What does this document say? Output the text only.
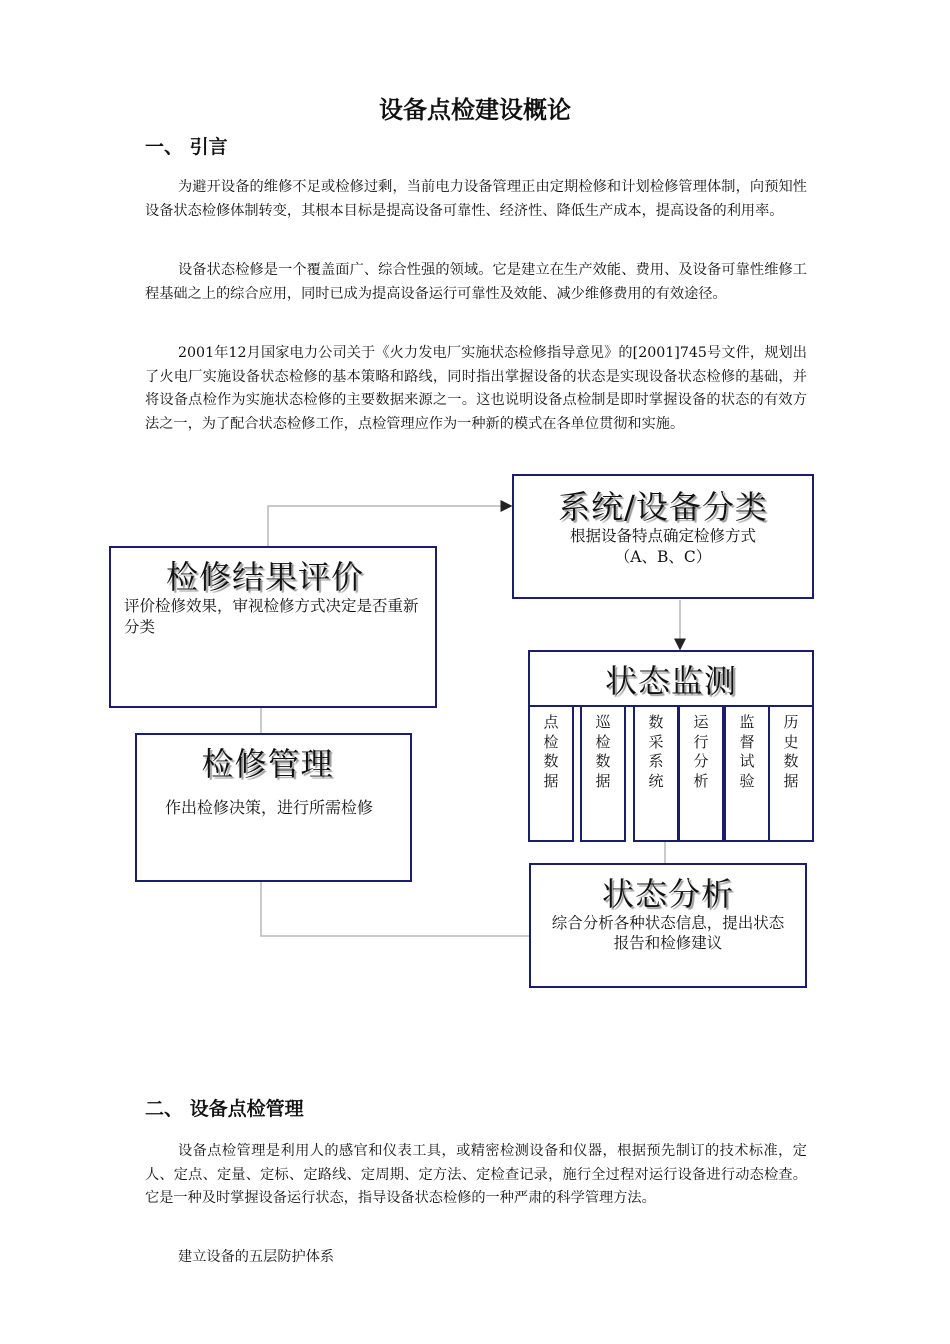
设备点检建设概论
一、 引言
为避开设备的维修不足或检修过剩，当前电力设备管理正由定期检修和计划检修管理体制，向预知性设备状态检修体制转变，其根本目标是提高设备可靠性、经济性、降低生产成本，提高设备的利用率。
设备状态检修是一个覆盖面广、综合性强的领域。它是建立在生产效能、费用、及设备可靠性维修工程基础之上的综合应用，同时已成为提高设备运行可靠性及效能、减少维修费用的有效途径。
2001年12月国家电力公司关于《火力发电厂实施状态检修指导意见》的[2001]745号文件，规划出了火电厂实施设备状态检修的基本策略和路线，同时指出掌握设备的状态是实现设备状态检修的基础，并将设备点检作为实施状态检修的主要数据来源之一。这也说明设备点检制是即时掌握设备的状态的有效方法之一，为了配合状态检修工作，点检管理应作为一种新的模式在各单位贯彻和实施。
系统/设备分类
根据设备特点确定检修方式
（A、B、C）
检修结果评价
评价检修效果，审视检修方式决定是否重新分类
状态监测
点检数据
巡检数据
数采系统
运行分析
监督试验
历史数据
检修管理
作出检修决策，进行所需检修
状态分析
综合分析各种状态信息，提出状态报告和检修建议
二、 设备点检管理
设备点检管理是利用人的感官和仪表工具，或精密检测设备和仪器，根据预先制订的技术标准，定人、定点、定量、定标、定路线、定周期、定方法、定检查记录，施行全过程对运行设备进行动态检查。它是一种及时掌握设备运行状态，指导设备状态检修的一种严肃的科学管理方法。
建立设备的五层防护体系
